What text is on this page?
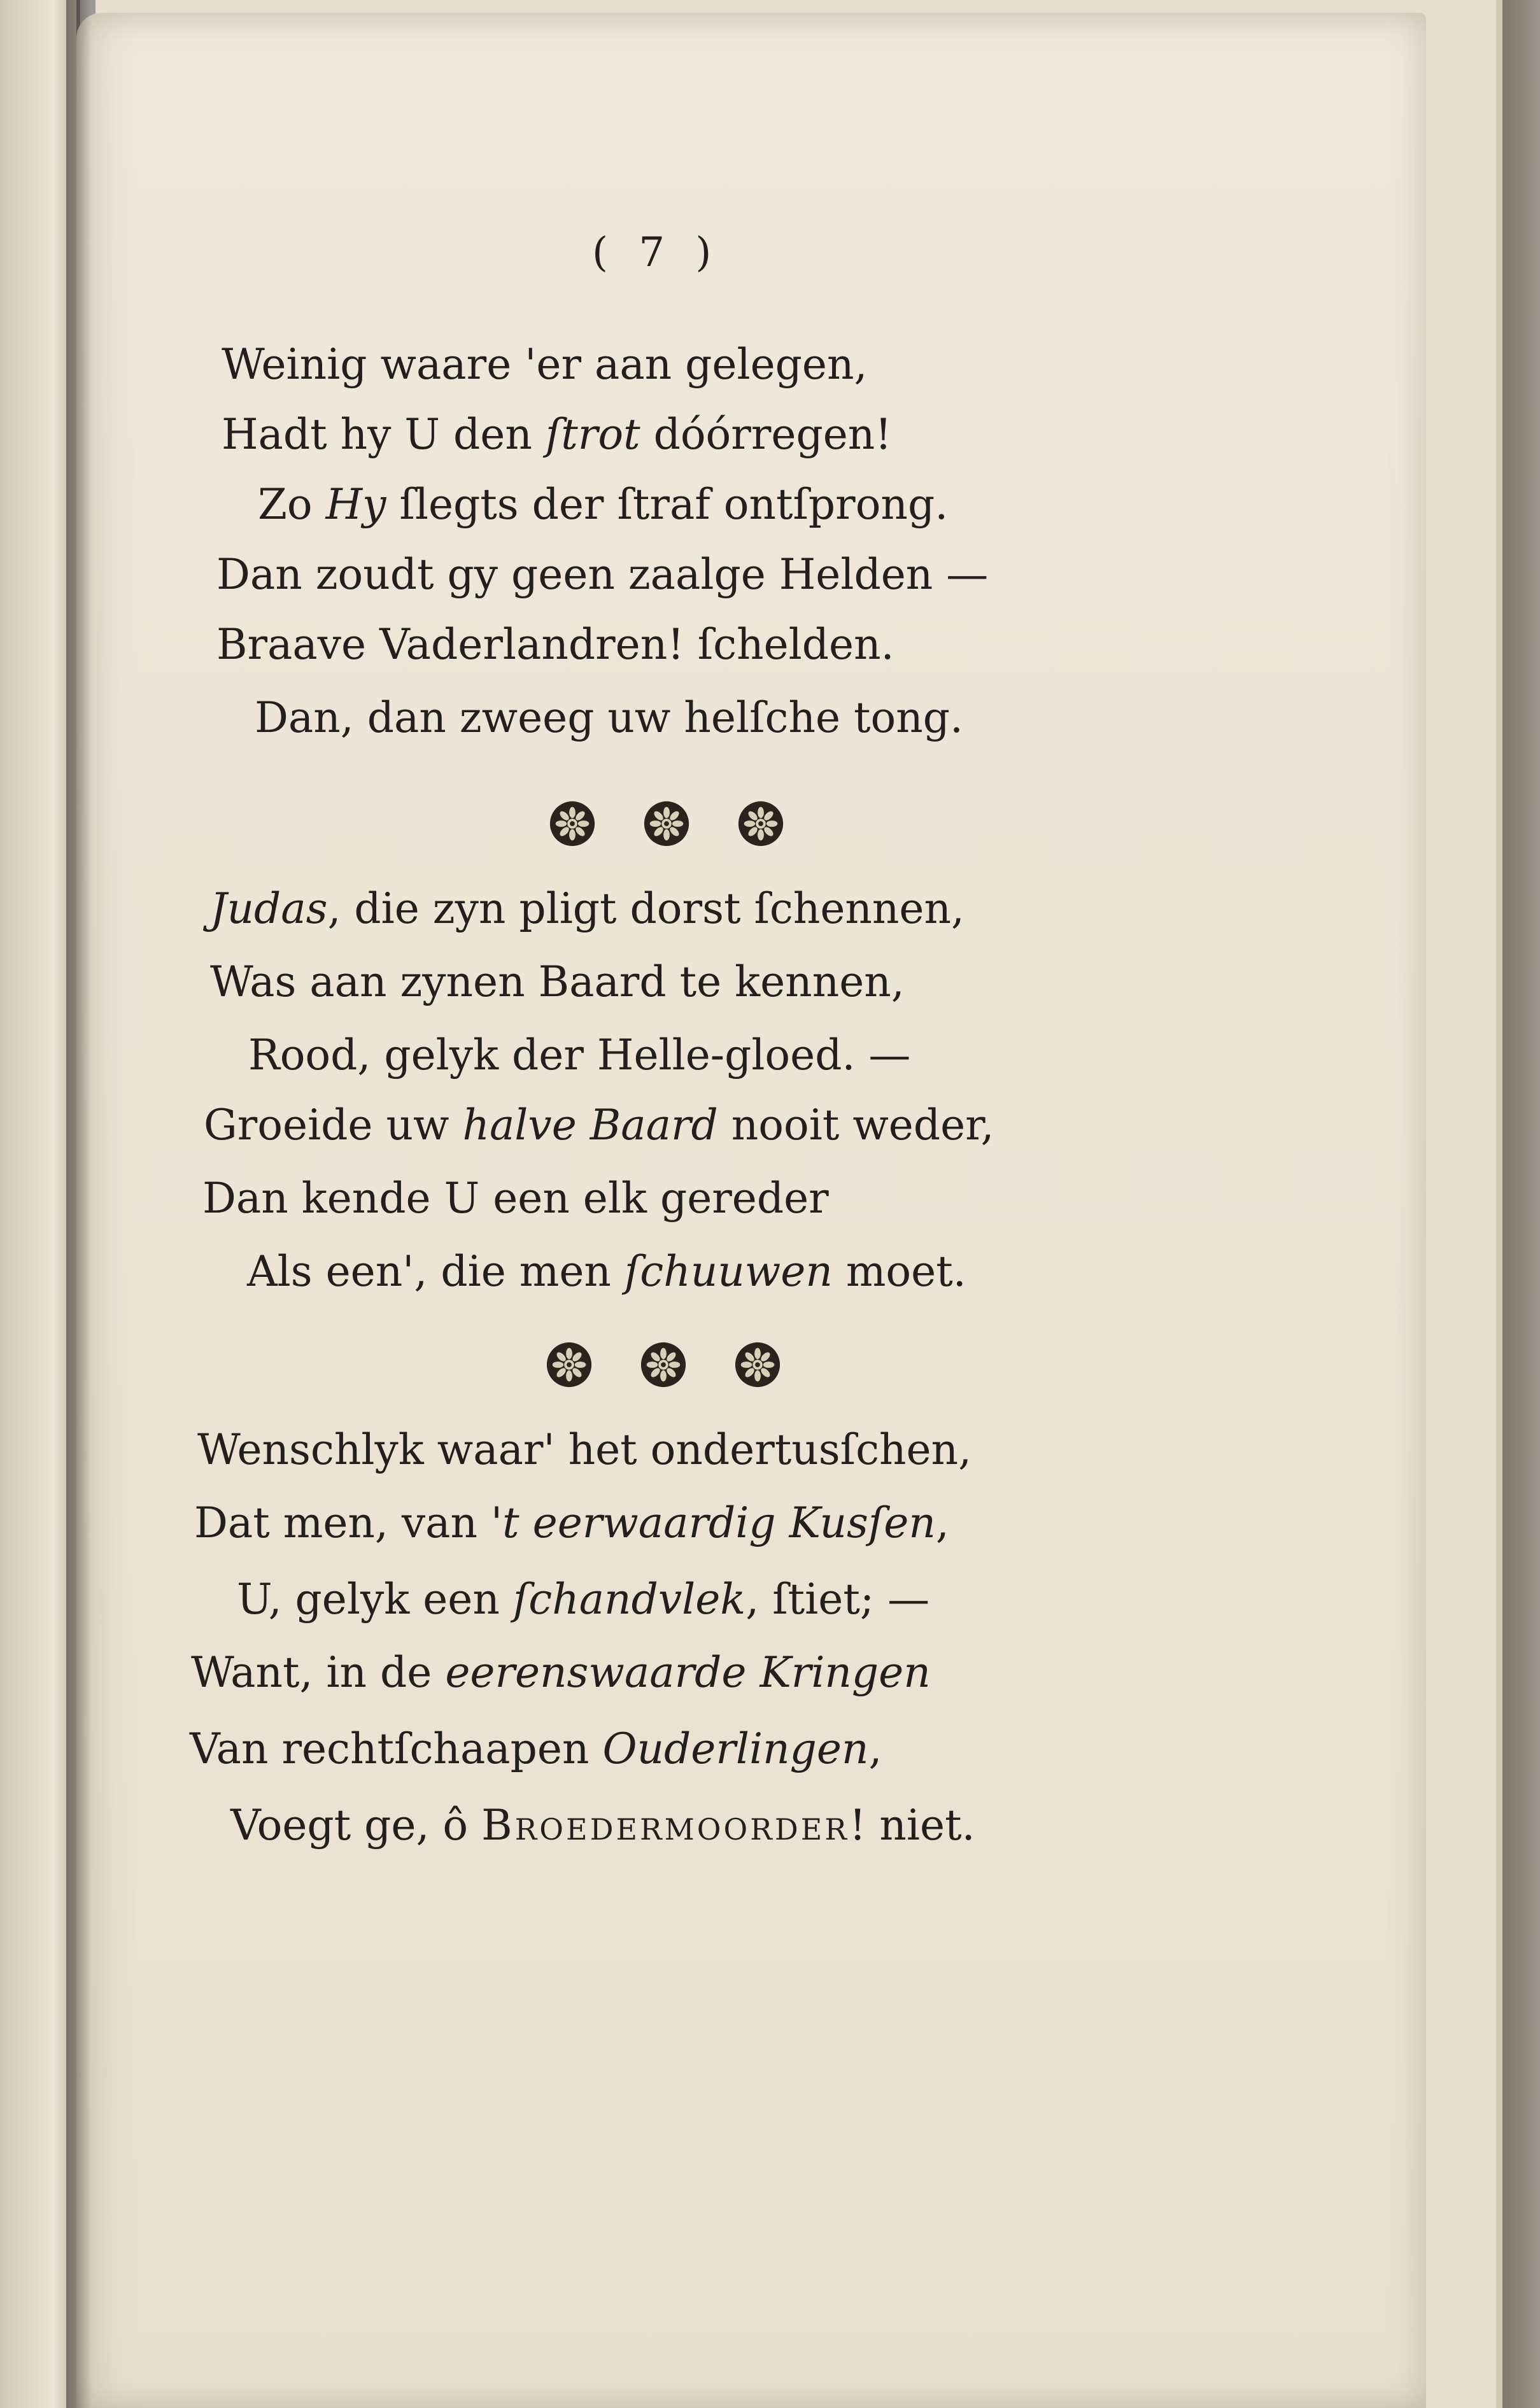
( 7 )
Weinig waare 'er aan gelegen,
Hadt hy U den ſtrot dóórregen!
Zo Hy ſlegts der ſtraf ontſprong.
Dan zoudt gy geen zaalge Helden —
Braave Vaderlandren! ſchelden.
Dan, dan zweeg uw helſche tong.
Judas, die zyn pligt dorst ſchennen,
Was aan zynen Baard te kennen,
Rood, gelyk der Helle-gloed. —
Groeide uw halve Baard nooit weder,
Dan kende U een elk gereder
Als een', die men ſchuuwen moet.
Wenschlyk waar' het ondertusſchen,
Dat men, van 't eerwaardig Kusſen,
U, gelyk een ſchandvlek, ſtiet; —
Want, in de eerenswaarde Kringen
Van rechtſchaapen Ouderlingen,
Voegt ge, ô Broedermoorder! niet.
